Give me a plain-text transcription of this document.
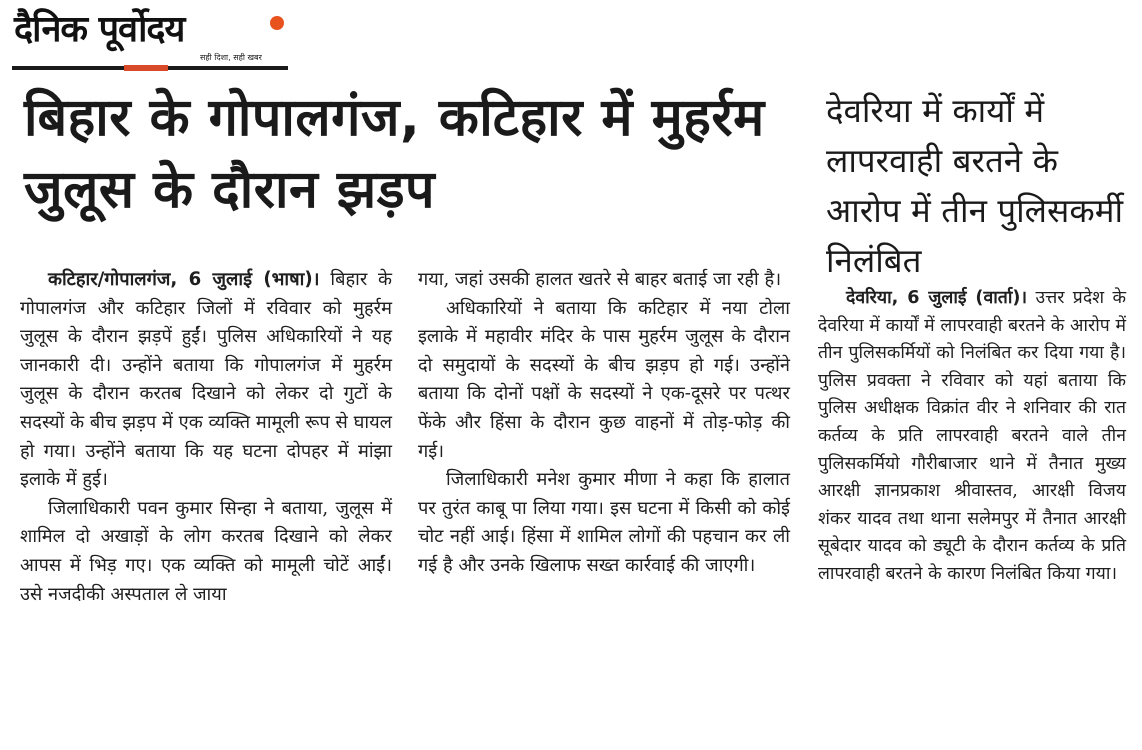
दैनिक पूर्वोदय
सही दिशा, सही खबर
बिहार के गोपालगंज, कटिहार में मुहर्रम जुलूस के दौरान झड़प

कटिहार/गोपालगंज, 6 जुलाई (भाषा)। बिहार के गोपालगंज और कटिहार जिलों में रविवार को मुहर्रम जुलूस के दौरान झड़पें हुईं। पुलिस अधिकारियों ने यह जानकारी दी। उन्होंने बताया कि गोपालगंज में मुहर्रम जुलूस के दौरान करतब दिखाने को लेकर दो गुटों के सदस्यों के बीच झड़प में एक व्यक्ति मामूली रूप से घायल हो गया। उन्होंने बताया कि यह घटना दोपहर में मांझा इलाके में हुई।

जिलाधिकारी पवन कुमार सिन्हा ने बताया, जुलूस में शामिल दो अखाड़ों के लोग करतब दिखाने को लेकर आपस में भिड़ गए। एक व्यक्ति को मामूली चोटें आईं। उसे नजदीकी अस्पताल ले जाया

गया, जहां उसकी हालत खतरे से बाहर बताई जा रही है।

अधिकारियों ने बताया कि कटिहार में नया टोला इलाके में महावीर मंदिर के पास मुहर्रम जुलूस के दौरान दो समुदायों के सदस्यों के बीच झड़प हो गई। उन्होंने बताया कि दोनों पक्षों के सदस्यों ने एक-दूसरे पर पत्थर फेंके और हिंसा के दौरान कुछ वाहनों में तोड़-फोड़ की गई।

जिलाधिकारी मनेश कुमार मीणा ने कहा कि हालात पर तुरंत काबू पा लिया गया। इस घटना में किसी को कोई चोट नहीं आई। हिंसा में शामिल लोगों की पहचान कर ली गई है और उनके खिलाफ सख्त कार्रवाई की जाएगी।

देवरिया में कार्यों में लापरवाही बरतने के आरोप में तीन पुलिसकर्मी निलंबित

देवरिया, 6 जुलाई (वार्ता)। उत्तर प्रदेश के देवरिया में कार्यों में लापरवाही बरतने के आरोप में तीन पुलिसकर्मियों को निलंबित कर दिया गया है। पुलिस प्रवक्ता ने रविवार को यहां बताया कि पुलिस अधीक्षक विक्रांत वीर ने शनिवार की रात कर्तव्य के प्रति लापरवाही बरतने वाले तीन पुलिसकर्मियो गौरीबाजार थाने में तैनात मुख्य आरक्षी ज्ञानप्रकाश श्रीवास्तव, आरक्षी विजय शंकर यादव तथा थाना सलेमपुर में तैनात आरक्षी सूबेदार यादव को ड्यूटी के दौरान कर्तव्य के प्रति लापरवाही बरतने के कारण निलंबित किया गया।
